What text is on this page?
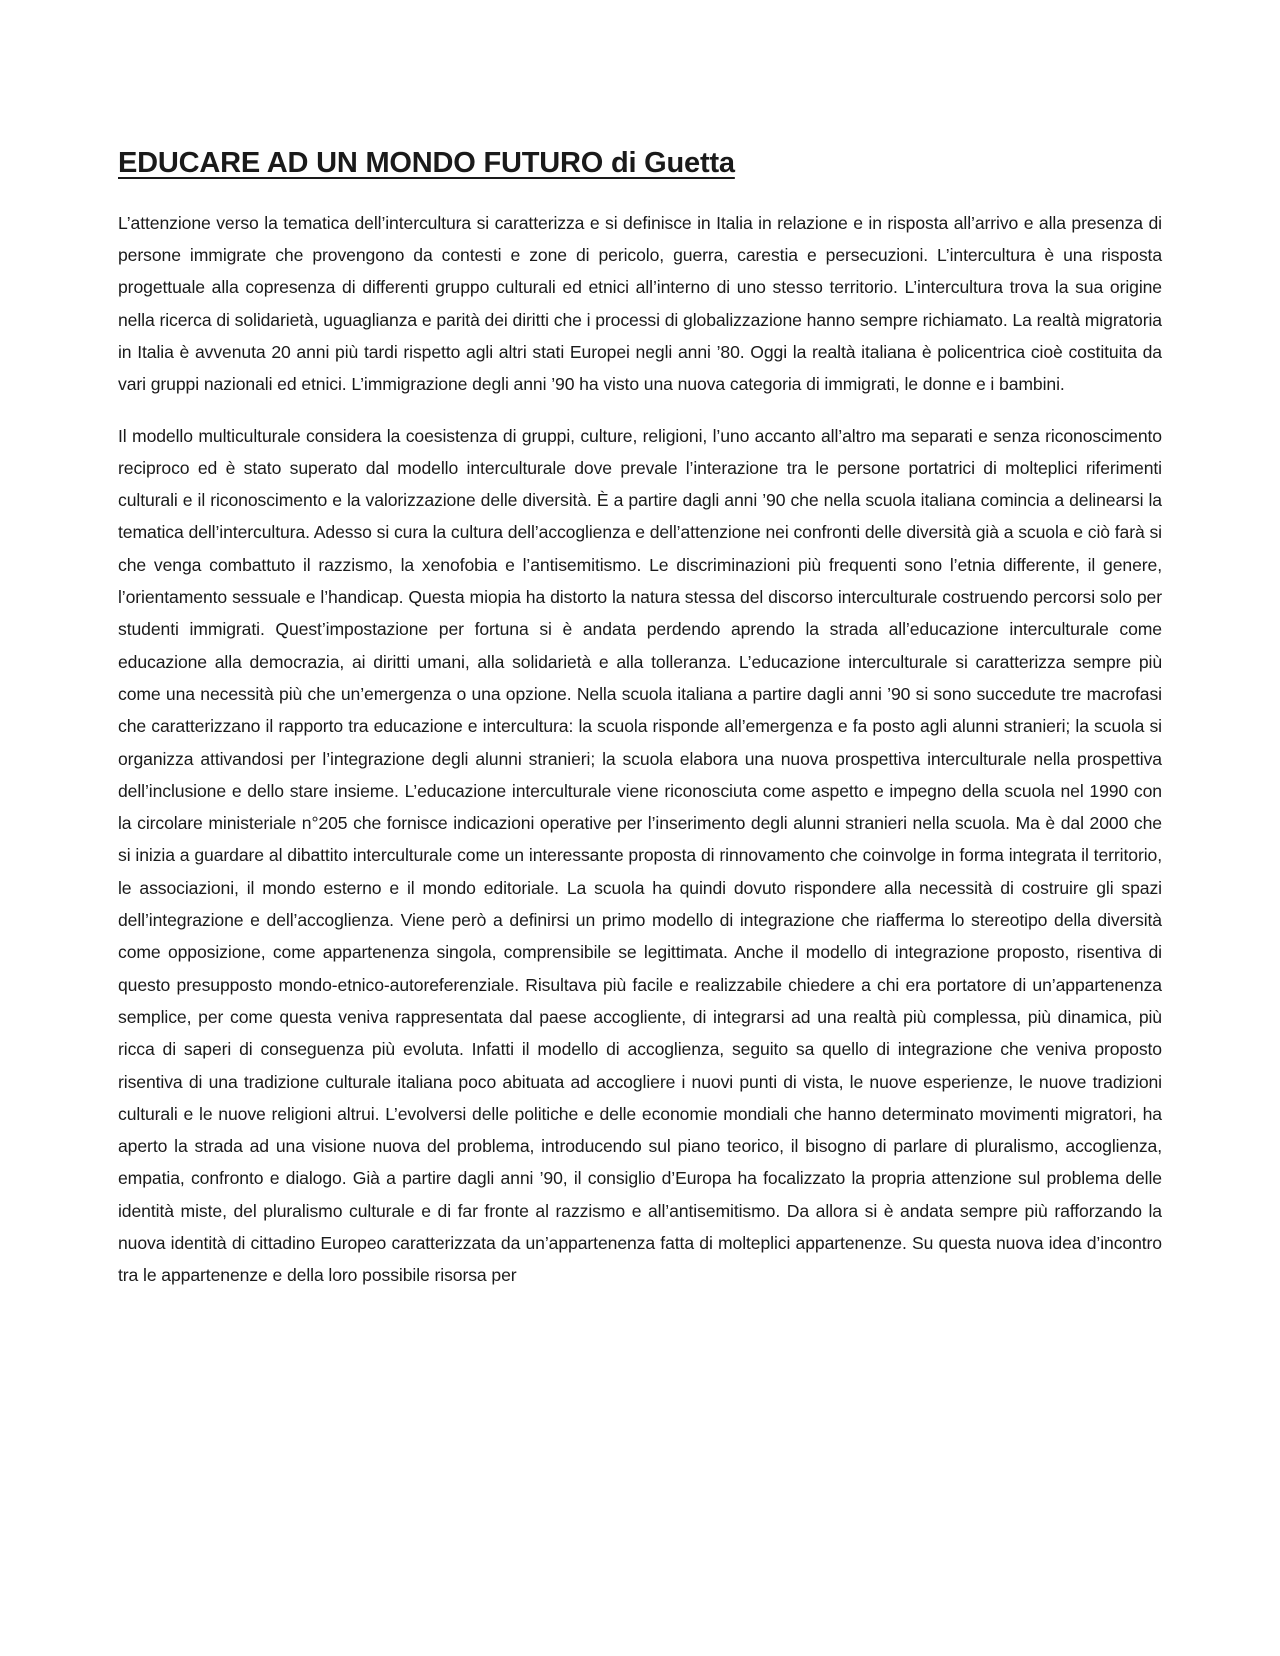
EDUCARE AD UN MONDO FUTURO di Guetta

L’attenzione verso la tematica dell’intercultura si caratterizza e si definisce in Italia in relazione e in risposta all’arrivo e alla presenza di persone immigrate che provengono da contesti e zone di pericolo, guerra, carestia e persecuzioni. L’intercultura è una risposta progettuale alla copresenza di differenti gruppo culturali ed etnici all’interno di uno stesso territorio. L’intercultura trova la sua origine nella ricerca di solidarietà, uguaglianza e parità dei diritti che i processi di globalizzazione hanno sempre richiamato. La realtà migratoria in Italia è avvenuta 20 anni più tardi rispetto agli altri stati Europei negli anni ’80. Oggi la realtà italiana è policentrica cioè costituita da vari gruppi nazionali ed etnici. L’immigrazione degli anni ’90 ha visto una nuova categoria di immigrati, le donne e i bambini.

Il modello multiculturale considera la coesistenza di gruppi, culture, religioni, l’uno accanto all’altro ma separati e senza riconoscimento reciproco ed è stato superato dal modello interculturale dove prevale l’interazione tra le persone portatrici di molteplici riferimenti culturali e il riconoscimento e la valorizzazione delle diversità. È a partire dagli anni ’90 che nella scuola italiana comincia a delinearsi la tematica dell’intercultura. Adesso si cura la cultura dell’accoglienza e dell’attenzione nei confronti delle diversità già a scuola e ciò farà si che venga combattuto il razzismo, la xenofobia e l’antisemitismo. Le discriminazioni più frequenti sono l’etnia differente, il genere, l’orientamento sessuale e l’handicap. Questa miopia ha distorto la natura stessa del discorso interculturale costruendo percorsi solo per studenti immigrati. Quest’impostazione per fortuna si è andata perdendo aprendo la strada all’educazione interculturale come educazione alla democrazia, ai diritti umani, alla solidarietà e alla tolleranza. L’educazione interculturale si caratterizza sempre più come una necessità più che un’emergenza o una opzione. Nella scuola italiana a partire dagli anni ’90 si sono succedute tre macrofasi che caratterizzano il rapporto tra educazione e intercultura: la scuola risponde all’emergenza e fa posto agli alunni stranieri; la scuola si organizza attivandosi per l’integrazione degli alunni stranieri; la scuola elabora una nuova prospettiva interculturale nella prospettiva dell’inclusione e dello stare insieme. L’educazione interculturale viene riconosciuta come aspetto e impegno della scuola nel 1990 con la circolare ministeriale n°205 che fornisce indicazioni operative per l’inserimento degli alunni stranieri nella scuola. Ma è dal 2000 che si inizia a guardare al dibattito interculturale come un interessante proposta di rinnovamento che coinvolge in forma integrata il territorio, le associazioni, il mondo esterno e il mondo editoriale. La scuola ha quindi dovuto rispondere alla necessità di costruire gli spazi dell’integrazione e dell’accoglienza. Viene però a definirsi un primo modello di integrazione che riafferma lo stereotipo della diversità come opposizione, come appartenenza singola, comprensibile se legittimata. Anche il modello di integrazione proposto, risentiva di questo presupposto mondo-etnico-autoreferenziale. Risultava più facile e realizzabile chiedere a chi era portatore di un’appartenenza semplice, per come questa veniva rappresentata dal paese accogliente, di integrarsi ad una realtà più complessa, più dinamica, più ricca di saperi di conseguenza più evoluta. Infatti il modello di accoglienza, seguito sa quello di integrazione che veniva proposto risentiva di una tradizione culturale italiana poco abituata ad accogliere i nuovi punti di vista, le nuove esperienze, le nuove tradizioni culturali e le nuove religioni altrui. L’evolversi delle politiche e delle economie mondiali che hanno determinato movimenti migratori, ha aperto la strada ad una visione nuova del problema, introducendo sul piano teorico, il bisogno di parlare di pluralismo, accoglienza, empatia, confronto e dialogo. Già a partire dagli anni ’90, il consiglio d’Europa ha focalizzato la propria attenzione sul problema delle identità miste, del pluralismo culturale e di far fronte al razzismo e all’antisemitismo. Da allora si è andata sempre più rafforzando la nuova identità di cittadino Europeo caratterizzata da un’appartenenza fatta di molteplici appartenenze. Su questa nuova idea d’incontro tra le appartenenze e della loro possibile risorsa per
